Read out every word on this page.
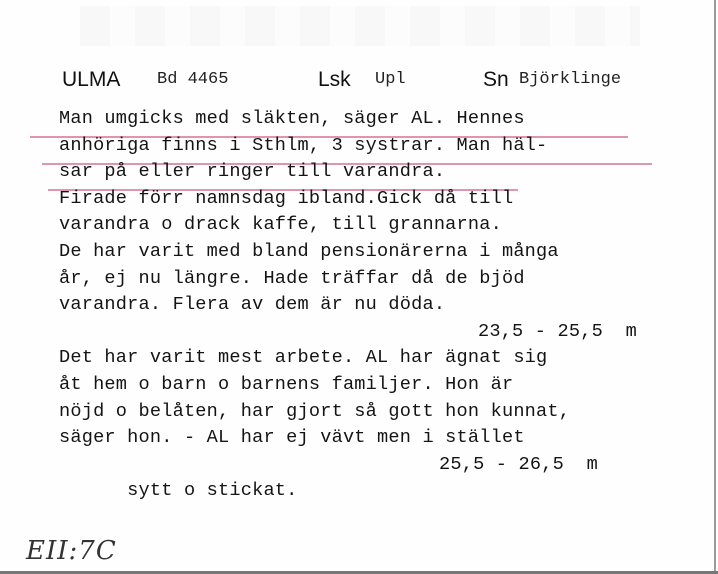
ULMA Bd 4465	Lsk Upl	Sn Björklinge
Man umgicks med släkten, säger AL. Hennes
anhöriga finns i Sthlm, 3 systrar. Man häl-
sar på eller ringer till varandra.
Firade förr namnsdag ibland.Gick då till
varandra o drack kaffe, till grannarna.
De har varit med bland pensionärerna i många
år, ej nu längre. Hade träffar då de bjöd
varandra. Flera av dem är nu döda.
23,5 - 25,5  m
Det har varit mest arbete. AL har ägnat sig
åt hem o barn o barnens familjer. Hon är
nöjd o belåten, har gjort så gott hon kunnat,
säger hon. - AL har ej vävt men i stället

sytt o stickat.

25,5 - 26,5  m

EII:7C
